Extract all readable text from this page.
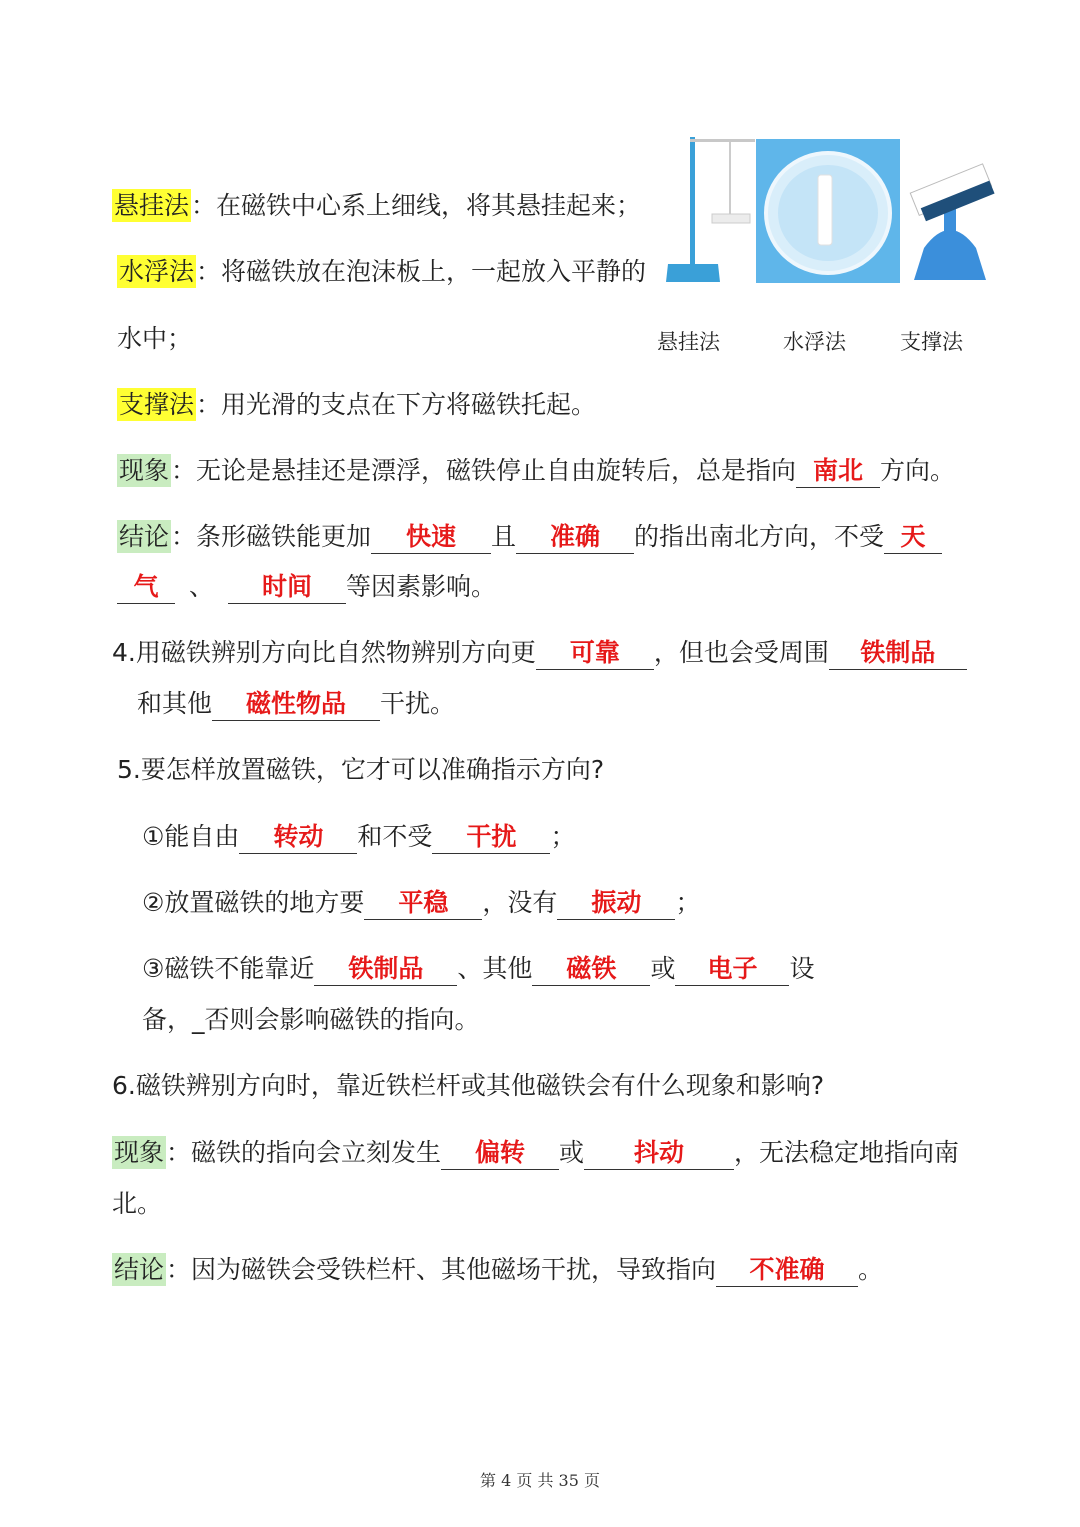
悬挂法：在磁铁中心系上细线，将其悬挂起来；
水浮法：将磁铁放在泡沫板上，一起放入平静的
水中；
支撑法：用光滑的支点在下方将磁铁托起。
悬挂法	水浮法	支撑法
现象：无论是悬挂还是漂浮，磁铁停止自由旋转后，总是指向 南北 方向。
结论：条形磁铁能更加 快速 且 准确 的指出南北方向，不受 天
气 、 时间 等因素影响。
4.用磁铁辨别方向比自然物辨别方向更 可靠 ，但也会受周围 铁制品
和其他 磁性物品 干扰。
5.要怎样放置磁铁，它才可以准确指示方向?
①能自由 转动 和不受 干扰 ；
②放置磁铁的地方要 平稳 ，没有 振动 ；
③磁铁不能靠近 铁制品 、其他 磁铁 或 电子 设
备，_否则会影响磁铁的指向。
6.磁铁辨别方向时，靠近铁栏杆或其他磁铁会有什么现象和影响?
现象：磁铁的指向会立刻发生 偏转 或 抖动 ，无法稳定地指向南
北。
结论：因为磁铁会受铁栏杆、其他磁场干扰，导致指向 不准确 。
第 4 页 共 35 页
